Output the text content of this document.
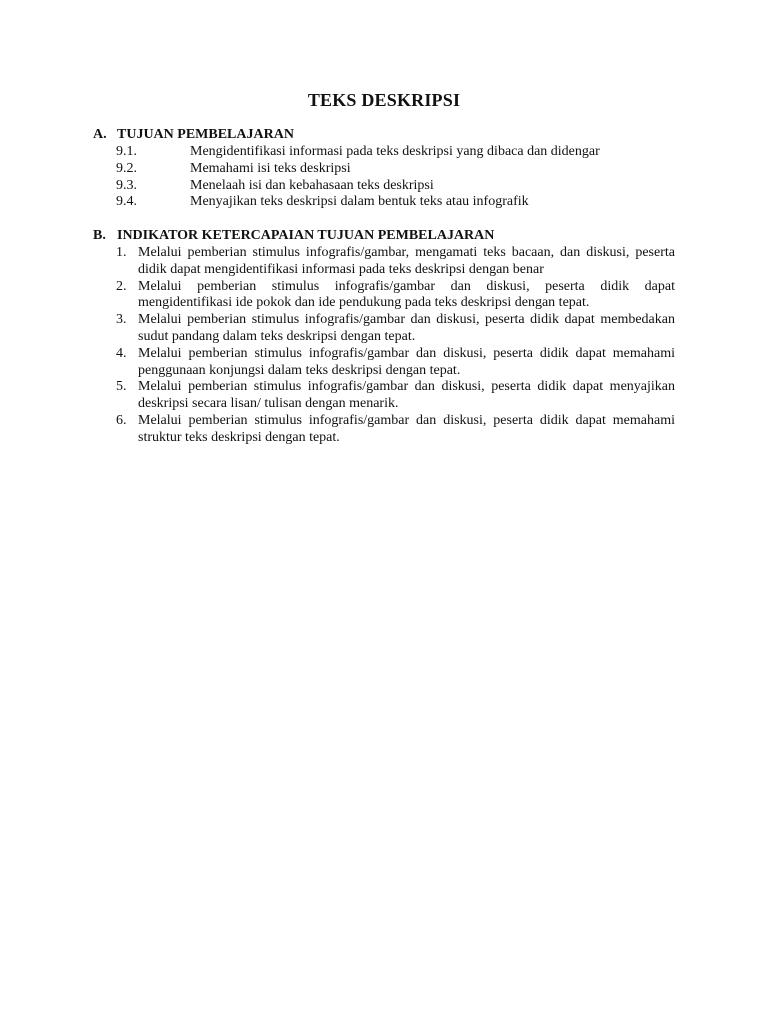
TEKS DESKRIPSI
A. TUJUAN PEMBELAJARAN
9.1.	Mengidentifikasi informasi pada teks deskripsi yang dibaca dan didengar
9.2.	Memahami isi teks deskripsi
9.3.	Menelaah isi dan kebahasaan teks deskripsi
9.4.	Menyajikan teks deskripsi dalam bentuk teks atau infografik
B. INDIKATOR KETERCAPAIAN TUJUAN PEMBELAJARAN
1. Melalui pemberian stimulus infografis/gambar, mengamati teks bacaan, dan diskusi, peserta didik dapat mengidentifikasi informasi pada teks deskripsi dengan benar
2. Melalui pemberian stimulus infografis/gambar dan diskusi, peserta didik dapat mengidentifikasi ide pokok dan ide pendukung pada teks deskripsi dengan tepat.
3. Melalui pemberian stimulus infografis/gambar dan diskusi, peserta didik dapat membedakan sudut pandang dalam teks deskripsi dengan tepat.
4. Melalui pemberian stimulus infografis/gambar dan diskusi, peserta didik dapat memahami penggunaan konjungsi dalam teks deskripsi dengan tepat.
5. Melalui pemberian stimulus infografis/gambar dan diskusi, peserta didik dapat menyajikan deskripsi secara lisan/ tulisan dengan menarik.
6. Melalui pemberian stimulus infografis/gambar dan diskusi, peserta didik dapat memahami struktur teks deskripsi dengan tepat.
